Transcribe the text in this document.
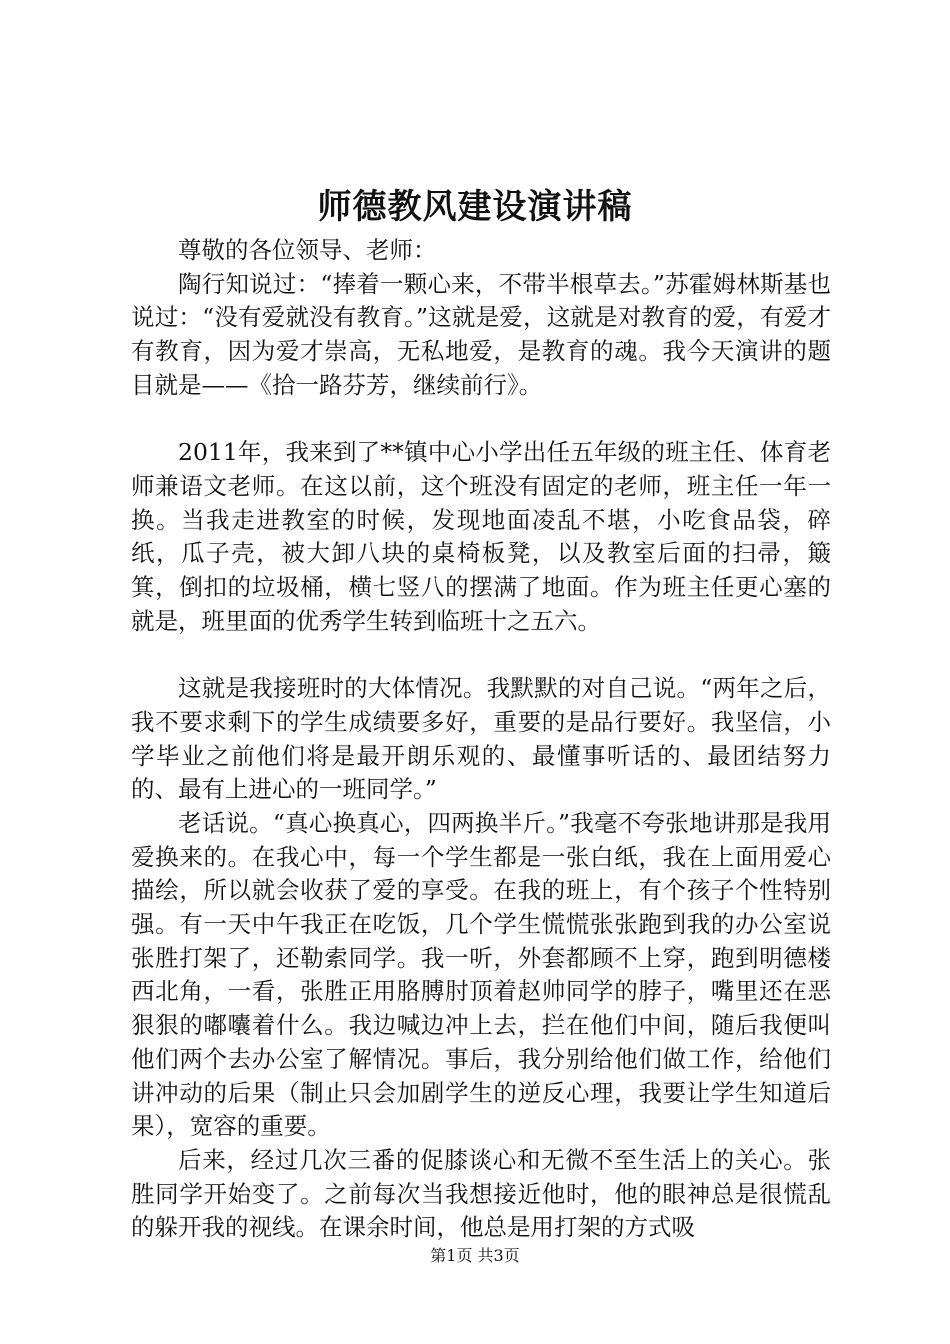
师德教风建设演讲稿

尊敬的各位领导、老师：

陶行知说过：“捧着一颗心来，不带半根草去。”苏霍姆林斯基也说过：“没有爱就没有教育。”这就是爱，这就是对教育的爱，有爱才有教育，因为爱才崇高，无私地爱，是教育的魂。我今天演讲的题目就是——《拾一路芬芳，继续前行》。

2011年，我来到了**镇中心小学出任五年级的班主任、体育老师兼语文老师。在这以前，这个班没有固定的老师，班主任一年一换。当我走进教室的时候，发现地面凌乱不堪，小吃食品袋，碎纸，瓜子壳，被大卸八块的桌椅板凳，以及教室后面的扫帚，簸箕，倒扣的垃圾桶，横七竖八的摆满了地面。作为班主任更心塞的就是，班里面的优秀学生转到临班十之五六。

这就是我接班时的大体情况。我默默的对自己说。“两年之后，我不要求剩下的学生成绩要多好，重要的是品行要好。我坚信，小学毕业之前他们将是最开朗乐观的、最懂事听话的、最团结努力的、最有上进心的一班同学。”

老话说。“真心换真心，四两换半斤。”我毫不夸张地讲那是我用爱换来的。在我心中，每一个学生都是一张白纸，我在上面用爱心描绘，所以就会收获了爱的享受。在我的班上，有个孩子个性特别强。有一天中午我正在吃饭，几个学生慌慌张张跑到我的办公室说张胜打架了，还勒索同学。我一听，外套都顾不上穿，跑到明德楼西北角，一看，张胜正用胳膊肘顶着赵帅同学的脖子，嘴里还在恶狠狠的嘟囔着什么。我边喊边冲上去，拦在他们中间，随后我便叫他们两个去办公室了解情况。事后，我分别给他们做工作，给他们讲冲动的后果（制止只会加剧学生的逆反心理，我要让学生知道后果），宽容的重要。

后来，经过几次三番的促膝谈心和无微不至生活上的关心。张胜同学开始变了。之前每次当我想接近他时，他的眼神总是很慌乱的躲开我的视线。在课余时间，他总是用打架的方式吸

第1页 共3页
